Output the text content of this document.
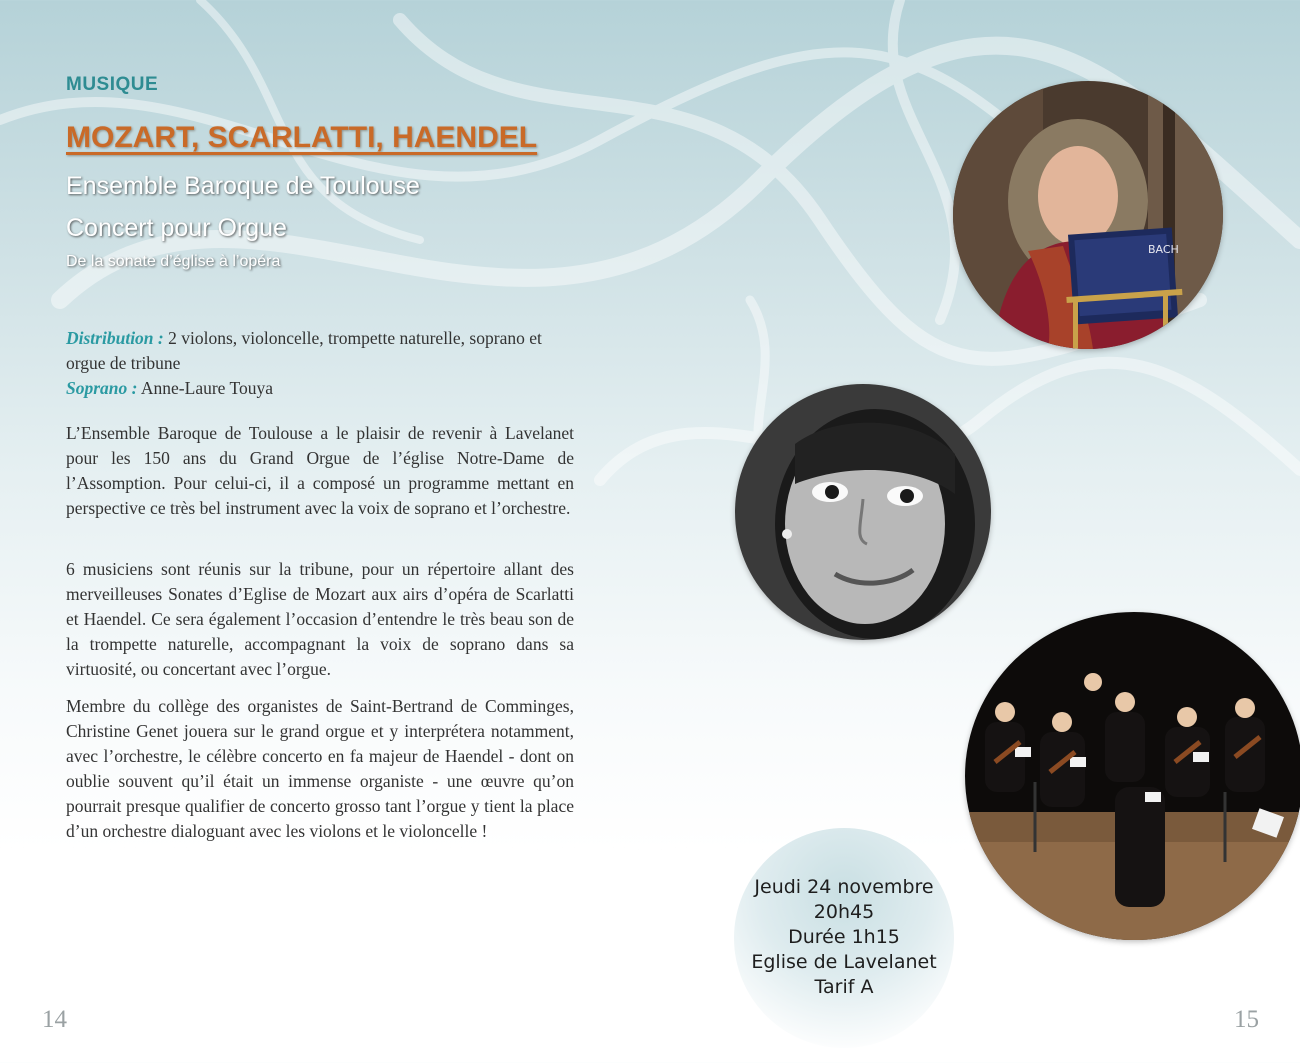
MUSIQUE
MOZART, SCARLATTI, HAENDEL
Ensemble Baroque de Toulouse
Concert pour Orgue
De la sonate d’église à l’opéra
Distribution : 2 violons, violoncelle, trompette naturelle, soprano et orgue de tribune
Soprano : Anne-Laure Touya
L’Ensemble Baroque de Toulouse a le plaisir de revenir à Lavelanet pour les 150 ans du Grand Orgue de l’église Notre-Dame de l’Assomption. Pour celui-ci, il a composé un programme mettant en perspective ce très bel instrument avec la voix de soprano et l’orchestre.
6 musiciens sont réunis sur la tribune, pour un répertoire allant des merveilleuses Sonates d’Eglise de Mozart aux airs d’opéra de Scarlatti et Haendel. Ce sera également l’occasion d’entendre le très beau son de la trompette naturelle, accompagnant la voix de soprano dans sa virtuosité, ou concertant avec l’orgue.
Membre du collège des organistes de Saint-Bertrand de Comminges, Christine Genet jouera sur le grand orgue et y interprétera notamment, avec l’orchestre, le célèbre concerto en fa majeur de Haendel - dont on oublie souvent qu’il était un immense organiste - une œuvre qu’on pourrait presque qualifier de concerto grosso tant l’orgue y tient la place d’un orchestre dialoguant avec les violons et le violoncelle !
BACH
Jeudi 24 novembre
20h45
Durée 1h15
Eglise de Lavelanet
Tarif A
14	15
